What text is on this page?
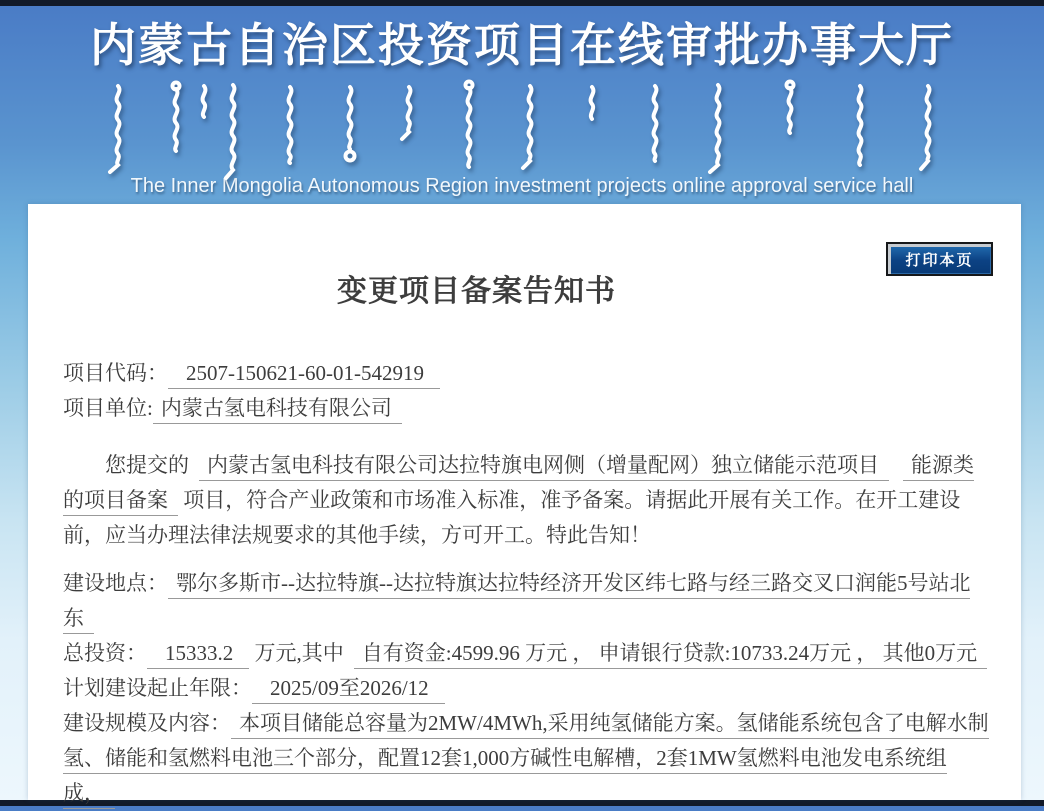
内蒙古自治区投资项目在线审批办事大厅
The Inner Mongolia Autonomous Region investment projects online approval service hall
打印本页
变更项目备案告知书

项目代码： 2507-150621-60-01-542919

项目单位: 内蒙古氢电科技有限公司

您提交的 内蒙古氢电科技有限公司达拉特旗电网侧（增量配网）独立储能示范项目 能源类的项目备案 项目，符合产业政策和市场准入标准，准予备案。请据此开展有关工作。在开工建设前，应当办理法律法规要求的其他手续，方可开工。特此告知！

建设地点： 鄂尔多斯市--达拉特旗--达拉特旗达拉特经济开发区纬七路与经三路交叉口润能5号站北东

总投资： 15333.2 万元,其中 自有资金:4599.96 万元 ， 申请银行贷款:10733.24万元 ， 其他0万元

计划建设起止年限： 2025/09至2026/12

建设规模及内容： 本项目储能总容量为2MW/4MWh,采用纯氢储能方案。氢储能系统包含了电解水制氢、储能和氢燃料电池三个部分，配置12套1,000方碱性电解槽，2套1MW氢燃料电池发电系统组成，
